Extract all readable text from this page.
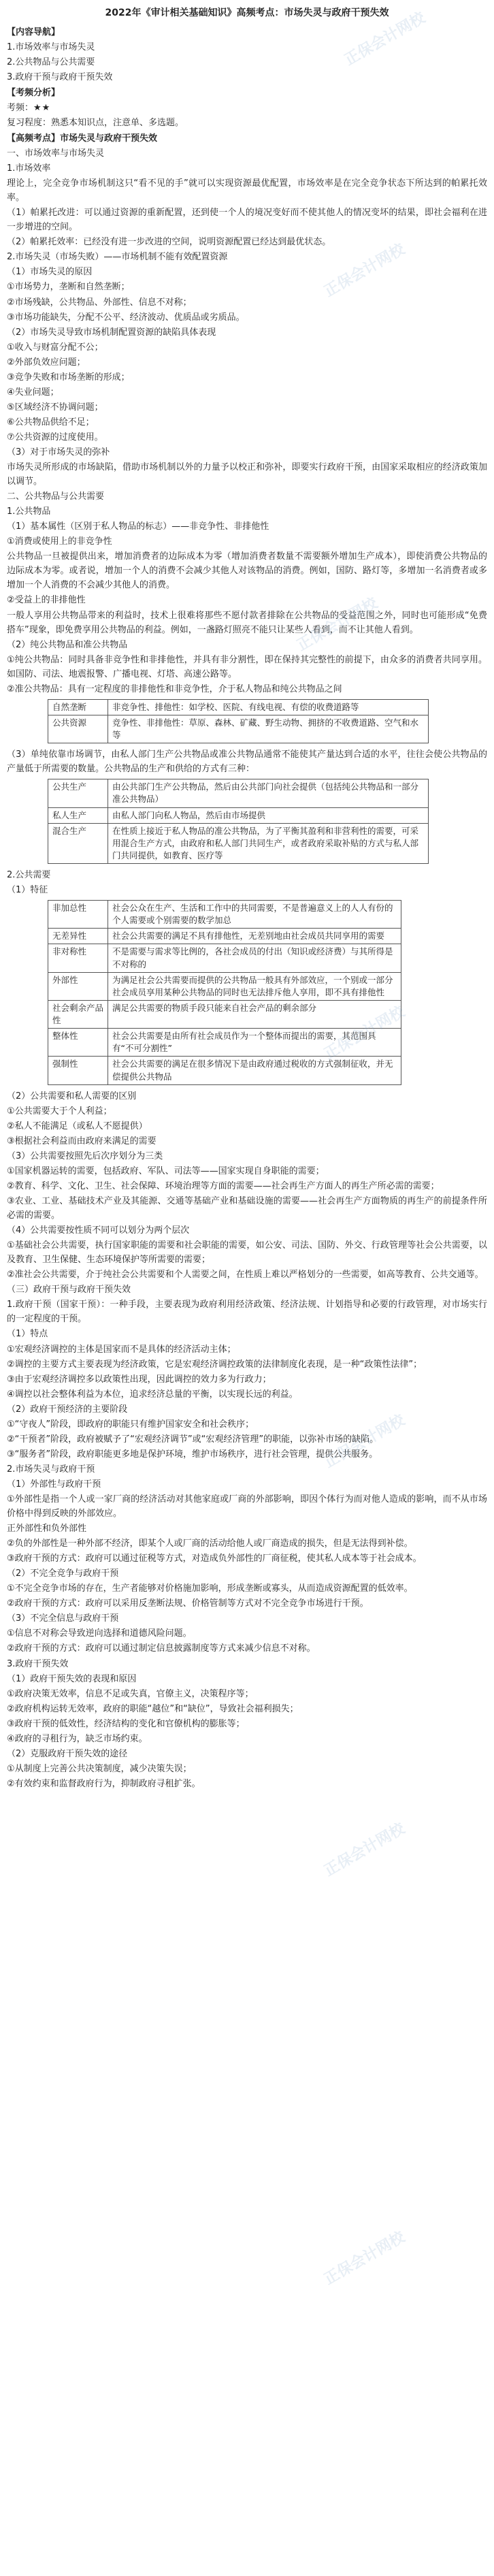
正保会计网校
正保会计网校
正保会计网校
正保会计网校
正保会计网校
正保会计网校
正保会计网校
2022年《审计相关基础知识》高频考点：市场失灵与政府干预失效
【内容导航】
1.市场效率与市场失灵
2.公共物品与公共需要
3.政府干预与政府干预失效
【考频分析】
考频：★★
复习程度：熟悉本知识点，注意单、多选题。
【高频考点】市场失灵与政府干预失效
一、市场效率与市场失灵
1.市场效率
理论上，完全竞争市场机制这只“看不见的手”就可以实现资源最优配置，市场效率是在完全竞争状态下所达到的帕累托效率。
（1）帕累托改进：可以通过资源的重新配置，还到使一个人的境况变好而不使其他人的情况变坏的结果，即社会福利在进一步增进的空间。
（2）帕累托效率：已经没有进一步改进的空间，说明资源配置已经达到最优状态。
2.市场失灵（市场失败）——市场机制不能有效配置资源
（1）市场失灵的原因
①市场势力，垄断和自然垄断；
②市场残缺，公共物品、外部性、信息不对称；
③市场功能缺失，分配不公平、经济波动、优质品或劣质品。
（2）市场失灵导致市场机制配置资源的缺陷具体表现
①收入与财富分配不公；
②外部负效应问题；
③竞争失败和市场垄断的形成；
④失业问题；
⑤区域经济不协调问题；
⑥公共物品供给不足；
⑦公共资源的过度使用。
（3）对于市场失灵的弥补
市场失灵所形成的市场缺陷，借助市场机制以外的力量予以校正和弥补，即要实行政府干预，由国家采取相应的经济政策加以调节。
二、公共物品与公共需要
1.公共物品
（1）基本属性（区别于私人物品的标志）——非竞争性、非排他性
①消费或使用上的非竞争性
公共物品一旦被提供出来，增加消费者的边际成本为零（增加消费者数量不需要额外增加生产成本），即使消费公共物品的边际成本为零。或者说，增加一个人的消费不会减少其他人对该物品的消费。例如，国防、路灯等，多增加一名消费者或多增加一个人消费的不会减少其他人的消费。
②受益上的非排他性
一般人享用公共物品带来的利益时，技术上很难将那些不愿付款者排除在公共物品的受益范围之外，同时也可能形成“免费搭车”现象，即免费享用公共物品的利益。例如，一盏路灯照亮不能只让某些人看到，而不让其他人看到。
（2）纯公共物品和准公共物品
①纯公共物品：同时具备非竞争性和非排他性，并具有非分割性，即在保持其完整性的前提下，由众多的消费者共同享用。如国防、司法、地震报警、广播电视、灯塔、高速公路等。
②准公共物品：具有一定程度的非排他性和非竞争性，介于私人物品和纯公共物品之间
自然垄断	非竞争性、排他性：如学校、医院、有线电视、有偿的收费道路等
公共资源	竞争性、非排他性：草原、森林、矿藏、野生动物、拥挤的不收费道路、空气和水等
（3）单纯依靠市场调节，由私人部门生产公共物品或准公共物品通常不能使其产量达到合适的水平，往往会使公共物品的产量低于所需要的数量。公共物品的生产和供给的方式有三种：
公共生产	由公共部门生产公共物品，然后由公共部门向社会提供（包括纯公共物品和一部分准公共物品）
私人生产	由私人部门向私人物品，然后由市场提供
混合生产	在性质上接近于私人物品的准公共物品，为了平衡其盈利和非营利性的需要，可采用混合生产方式，由政府和私人部门共同生产，或者政府采取补贴的方式与私人部门共同提供，如教育、医疗等
2.公共需要
（1）特征
非加总性	社会公众在生产、生活和工作中的共同需要，不是普遍意义上的人人有份的个人需要或个别需要的数学加总
无差异性	社会公共需要的满足不具有排他性，无差别地由社会成员共同享用的需要
非对称性	不是需要与需求等比例的，各社会成员的付出（知识或经济费）与其所得是不对称的
外部性	为满足社会公共需要而提供的公共物品一般具有外部效应，一个别或一部分社会成员享用某种公共物品的同时也无法排斥他人享用，即不具有排他性
社会剩余产品性	满足公共需要的物质手段只能来自社会产品的剩余部分
整体性	社会公共需要是由所有社会成员作为一个整体而提出的需要，其范围具有“不可分割性”
强制性	社会公共需要的满足在很多情况下是由政府通过税收的方式强制征收，并无偿提供公共物品
（2）公共需要和私人需要的区别
①公共需要大于个人利益；
②私人不能满足（或私人不愿提供）
③根据社会利益而由政府来满足的需要
（3）公共需要按照先后次序划分为三类
①国家机器运转的需要，包括政府、军队、司法等——国家实现自身职能的需要；
②教育、科学、文化、卫生、社会保障、环境治理等方面的需要——社会再生产方面人的再生产所必需的需要；
③农业、工业、基础技术产业及其能源、交通等基础产业和基础设施的需要——社会再生产方面物质的再生产的前提条件所必需的需要。
（4）公共需要按性质不同可以划分为两个层次
①基础社会公共需要，执行国家职能的需要和社会职能的需要，如公安、司法、国防、外交、行政管理等社会公共需要，以及教育、卫生保健、生态环境保护等所需要的需要；
②准社会公共需要，介于纯社会公共需要和个人需要之间，在性质上难以严格划分的一些需要，如高等教育、公共交通等。
（三）政府干预与政府干预失效
1.政府干预（国家干预）：一种手段，主要表现为政府利用经济政策、经济法规、计划指导和必要的行政管理，对市场实行的一定程度的干预。
（1）特点
①宏观经济调控的主体是国家而不是具体的经济活动主体；
②调控的主要方式主要表现为经济政策，它是宏观经济调控政策的法律制度化表现，是一种“政策性法律”；
③由于宏观经济调控多以政策性出现，因此调控的效力多为行政力；
④调控以社会整体利益为本位，追求经济总量的平衡，以实现长远的利益。
（2）政府干预经济的主要阶段
①“守夜人”阶段，即政府的职能只有维护国家安全和社会秩序；
②“干预者”阶段，政府被赋予了“宏观经济调节”或“宏观经济管理”的职能，以弥补市场的缺陷。
③“服务者”阶段，政府职能更多地是保护环境，维护市场秩序，进行社会管理，提供公共服务。
2.市场失灵与政府干预
（1）外部性与政府干预
①外部性是指一个人或一家厂商的经济活动对其他家庭或厂商的外部影响，即因个体行为而对他人造成的影响，而不从市场价格中得到反映的外部效应。
正外部性和负外部性
②负的外部性是一种外部不经济，即某个人或厂商的活动给他人或厂商造成的损失，但是无法得到补偿。
③政府干预的方式：政府可以通过征税等方式，对造成负外部性的厂商征税，使其私人成本等于社会成本。
（2）不完全竞争与政府干预
①不完全竞争市场的存在，生产者能够对价格施加影响，形成垄断或寡头，从而造成资源配置的低效率。
②政府干预的方式：政府可以采用反垄断法规、价格管制等方式对不完全竞争市场进行干预。
（3）不完全信息与政府干预
①信息不对称会导致逆向选择和道德风险问题。
②政府干预的方式：政府可以通过制定信息披露制度等方式来减少信息不对称。
3.政府干预失效
（1）政府干预失效的表现和原因
①政府决策无效率，信息不足或失真，官僚主义，决策程序等；
②政府机构运转无效率，政府的职能“越位”和“缺位”，导致社会福利损失；
③政府干预的低效性，经济结构的变化和官僚机构的膨胀等；
④政府的寻租行为，缺乏市场约束。
（2）克服政府干预失效的途径
①从制度上完善公共决策制度，减少决策失误；
②有效约束和监督政府行为，抑制政府寻租扩张。
